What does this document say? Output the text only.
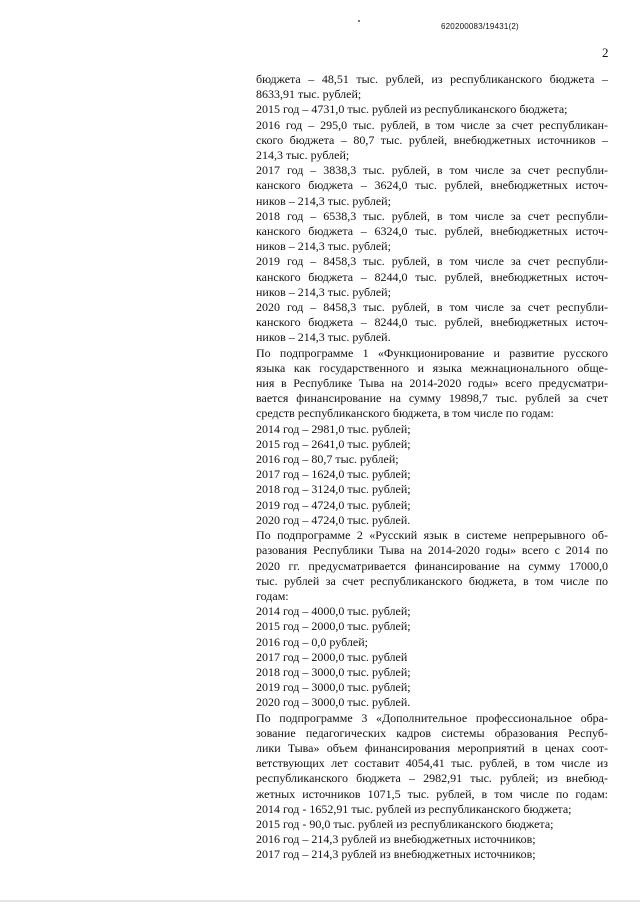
620200083/19431(2)
2
бюджета – 48,51 тыс. рублей, из республиканского бюджета –
8633,91 тыс. рублей;
2015 год – 4731,0 тыс. рублей из республиканского бюджета;
2016 год – 295,0 тыс. рублей, в том числе за счет республикан-
ского бюджета – 80,7 тыс. рублей, внебюджетных источников –
214,3 тыс. рублей;
2017 год – 3838,3 тыс. рублей, в том числе за счет республи-
канского бюджета – 3624,0 тыс. рублей, внебюджетных источ-
ников – 214,3 тыс. рублей;
2018 год – 6538,3 тыс. рублей, в том числе за счет республи-
канского бюджета – 6324,0 тыс. рублей, внебюджетных источ-
ников – 214,3 тыс. рублей;
2019 год – 8458,3 тыс. рублей, в том числе за счет республи-
канского бюджета – 8244,0 тыс. рублей, внебюджетных источ-
ников – 214,3 тыс. рублей;
2020 год – 8458,3 тыс. рублей, в том числе за счет республи-
канского бюджета – 8244,0 тыс. рублей, внебюджетных источ-
ников – 214,3 тыс. рублей.
По подпрограмме 1 «Функционирование и развитие русского
языка как государственного и языка межнационального обще-
ния в Республике Тыва на 2014-2020 годы» всего предусматри-
вается финансирование на сумму 19898,7 тыс. рублей за счет
средств республиканского бюджета, в том числе по годам:
2014 год – 2981,0 тыс. рублей;
2015 год – 2641,0 тыс. рублей;
2016 год – 80,7 тыс. рублей;
2017 год – 1624,0 тыс. рублей;
2018 год – 3124,0 тыс. рублей;
2019 год – 4724,0 тыс. рублей;
2020 год – 4724,0 тыс. рублей.
По подпрограмме 2 «Русский язык в системе непрерывного об-
разования Республики Тыва на 2014-2020 годы» всего с 2014 по
2020 гг. предусматривается финансирование на сумму 17000,0
тыс. рублей за счет республиканского бюджета, в том числе по
годам:
2014 год – 4000,0 тыс. рублей;
2015 год – 2000,0 тыс. рублей;
2016 год – 0,0 рублей;
2017 год – 2000,0 тыс. рублей
2018 год – 3000,0 тыс. рублей;
2019 год – 3000,0 тыс. рублей;
2020 год – 3000,0 тыс. рублей.
По подпрограмме 3 «Дополнительное профессиональное обра-
зование педагогических кадров системы образования Респуб-
лики Тыва» объем финансирования мероприятий в ценах соот-
ветствующих лет составит 4054,41 тыс. рублей, в том числе из
республиканского бюджета – 2982,91 тыс. рублей; из внебюд-
жетных источников 1071,5 тыс. рублей, в том числе по годам:
2014 год - 1652,91 тыс. рублей из республиканского бюджета;
2015 год - 90,0 тыс. рублей из республиканского бюджета;
2016 год – 214,3 рублей из внебюджетных источников;
2017 год – 214,3 рублей из внебюджетных источников;
